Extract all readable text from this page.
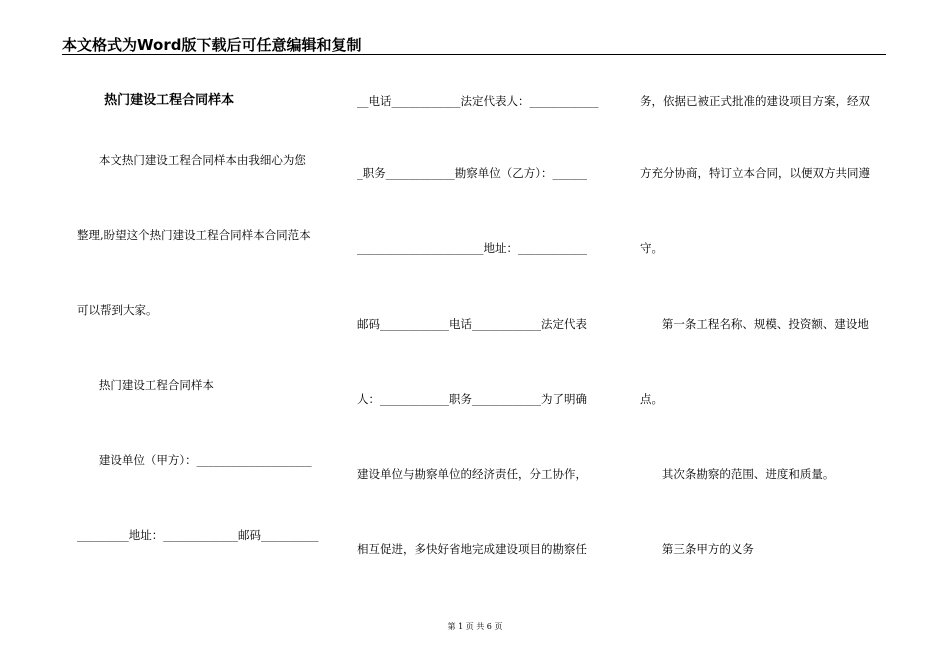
本文格式为Word版下载后可任意编辑和复制
热门建设工程合同样本
本文热门建设工程合同样本由我细心为您
整理,盼望这个热门建设工程合同样本合同范本
可以帮到大家。
热门建设工程合同样本
建设单位（甲方）：____________________
_________地址：_____________邮码__________
__电话____________法定代表人：____________
_职务____________勘察单位（乙方）：______
______________________地址：____________
邮码____________电话____________法定代表
人：____________职务____________为了明确
建设单位与勘察单位的经济责任，分工协作，
相互促进，多快好省地完成建设项目的勘察任
务，依据已被正式批准的建设项目方案，经双
方充分协商，特订立本合同，以便双方共同遵
守。
第一条工程名称、规模、投资额、建设地
点。
其次条勘察的范围、进度和质量。
第三条甲方的义务
第 1 页 共 6 页
